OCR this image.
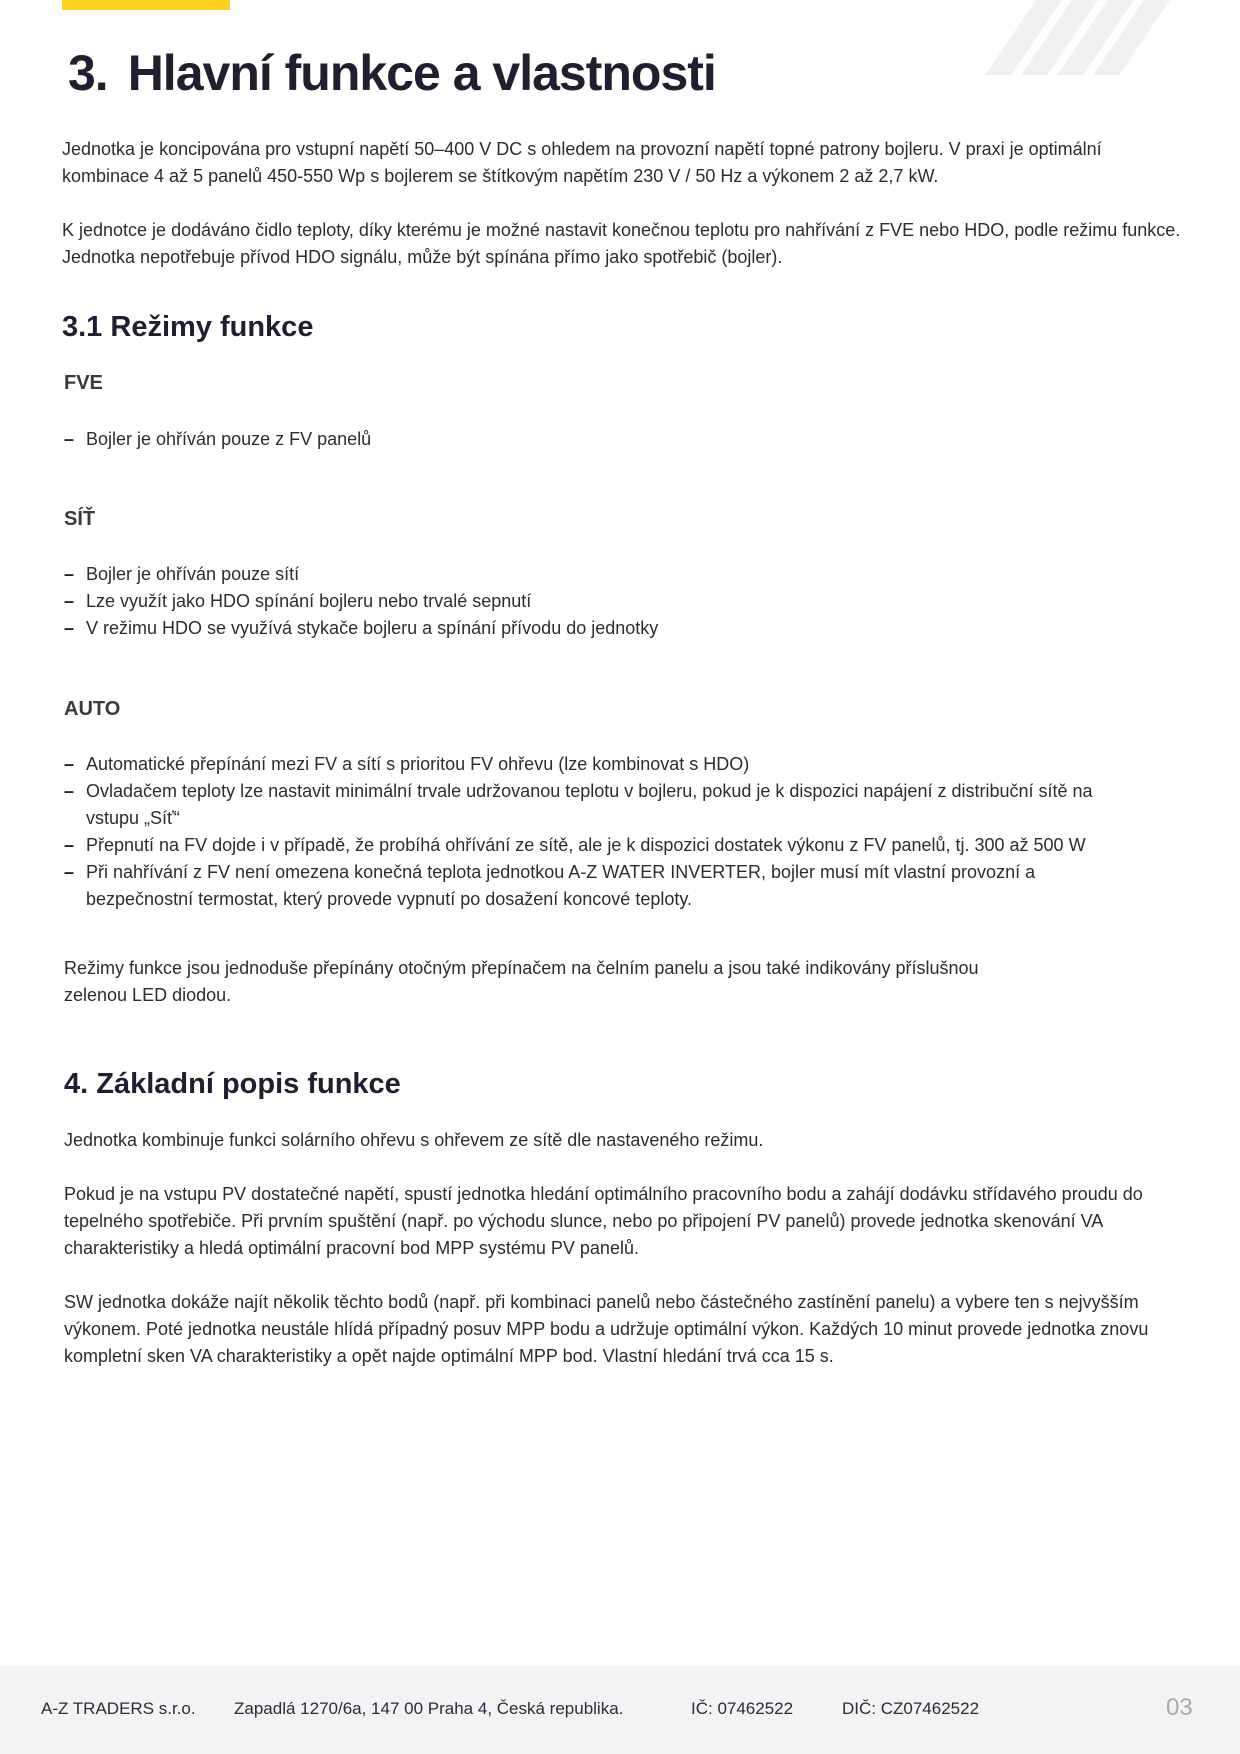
3. Hlavní funkce a vlastnosti

Jednotka je koncipována pro vstupní napětí 50–400 V DC s ohledem na provozní napětí topné patrony bojleru. V praxi je optimální kombinace 4 až 5 panelů 450-550 Wp s bojlerem se štítkovým napětím 230 V / 50 Hz a výkonem 2 až 2,7 kW.

K jednotce je dodáváno čidlo teploty, díky kterému je možné nastavit konečnou teplotu pro nahřívání z FVE nebo HDO, podle režimu funkce. Jednotka nepotřebuje přívod HDO signálu, může být spínána přímo jako spotřebič (bojler).

3.1 Režimy funkce
FVE
– Bojler je ohříván pouze z FV panelů
SÍŤ
– Bojler je ohříván pouze sítí
– Lze využít jako HDO spínání bojleru nebo trvalé sepnutí
– V režimu HDO se využívá stykače bojleru a spínání přívodu do jednotky
AUTO
– Automatické přepínání mezi FV a sítí s prioritou FV ohřevu (lze kombinovat s HDO)
– Ovladačem teploty lze nastavit minimální trvale udržovanou teplotu v bojleru, pokud je k dispozici napájení z distribuční sítě na vstupu „Síť“
– Přepnutí na FV dojde i v případě, že probíhá ohřívání ze sítě, ale je k dispozici dostatek výkonu z FV panelů, tj. 300 až 500 W
– Při nahřívání z FV není omezena konečná teplota jednotkou A-Z WATER INVERTER, bojler musí mít vlastní provozní a bezpečnostní termostat, který provede vypnutí po dosažení koncové teploty.

Režimy funkce jsou jednoduše přepínány otočným přepínačem na čelním panelu a jsou také indikovány příslušnou zelenou LED diodou.

4. Základní popis funkce

Jednotka kombinuje funkci solárního ohřevu s ohřevem ze sítě dle nastaveného režimu.

Pokud je na vstupu PV dostatečné napětí, spustí jednotka hledání optimálního pracovního bodu a zahájí dodávku střídavého proudu do tepelného spotřebiče. Při prvním spuštění (např. po východu slunce, nebo po připojení PV panelů) provede jednotka skenování VA charakteristiky a hledá optimální pracovní bod MPP systému PV panelů.

SW jednotka dokáže najít několik těchto bodů (např. při kombinaci panelů nebo částečného zastínění panelu) a vybere ten s nejvyšším výkonem. Poté jednotka neustále hlídá případný posuv MPP bodu a udržuje optimální výkon. Každých 10 minut provede jednotka znovu kompletní sken VA charakteristiky a opět najde optimální MPP bod. Vlastní hledání trvá cca 15 s.

A-Z TRADERS s.r.o. Zapadlá 1270/6a, 147 00 Praha 4, Česká republika.	IČ: 07462522	DIČ: CZ07462522	03
